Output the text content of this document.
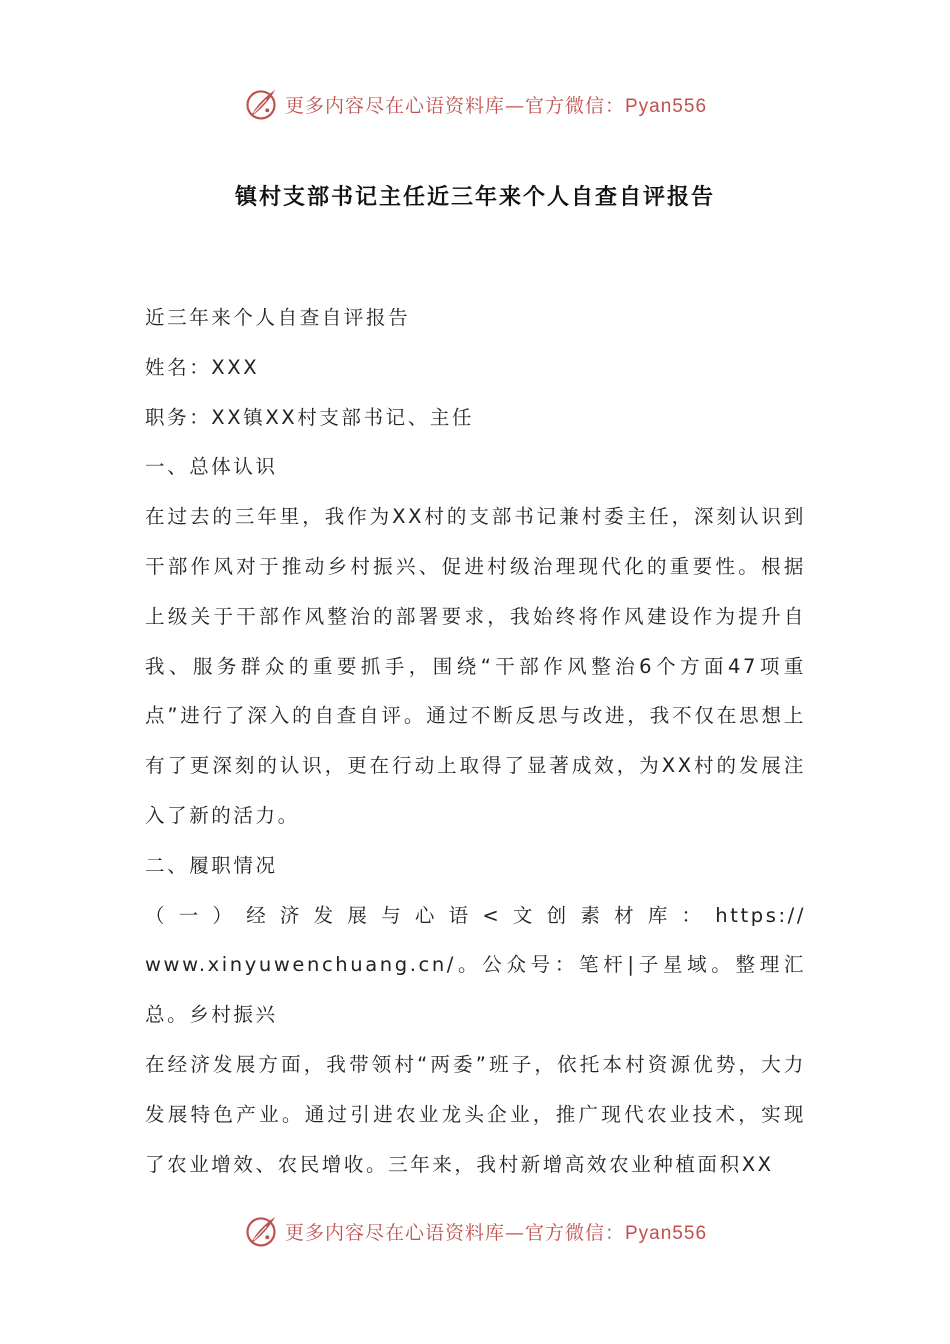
更多内容尽在心语资料库—官方微信：Pyan556
镇村支部书记主任近三年来个人自查自评报告

近三年来个人自查自评报告

姓名：XXX

职务：XX镇XX村支部书记、主任

一、总体认识

在过去的三年里，我作为XX村的支部书记兼村委主任，深刻认识到干部作风对于推动乡村振兴、促进村级治理现代化的重要性。根据上级关于干部作风整治的部署要求，我始终将作风建设作为提升自我、服务群众的重要抓手，围绕“干部作风整治6个方面47项重点”进行了深入的自查自评。通过不断反思与改进，我不仅在思想上有了更深刻的认识，更在行动上取得了显著成效，为XX村的发展注入了新的活力。

二、履职情况

（一）经济发展与心语<文创素材库：https://

www.xinyuwenchuang.cn/。公众号：笔杆|子星域。整理汇总。乡村振兴

在经济发展方面，我带领村“两委”班子，依托本村资源优势，大力发展特色产业。通过引进农业龙头企业，推广现代农业技术，实现了农业增效、农民增收。三年来，我村新增高效农业种植面积XX

更多内容尽在心语资料库—官方微信：Pyan556
